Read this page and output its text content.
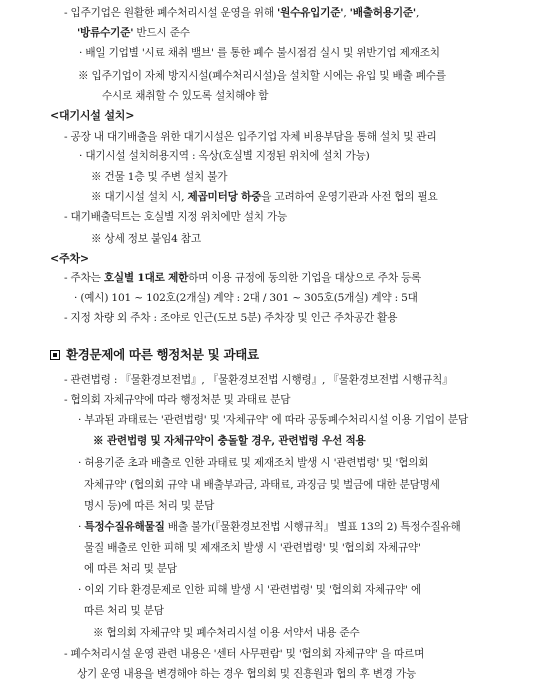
- 입주기업은 원활한 폐수처리시설 운영을 위해 '원수유입기준', '배출허용기준',
'방류수기준' 반드시 준수
· 배일 기업별 '시료 채취 밸브' 를 통한 폐수 불시점검 실시 및 위반기업 제재조치
※ 입주기업이 자체 방지시설(폐수처리시설)을 설치할 시에는 유입 및 배출 폐수를
수시로 채취할 수 있도록 설치해야 함
<대기시설 설치>
- 공장 내 대기배출을 위한 대기시설은 입주기업 자체 비용부담을 통해 설치 및 관리
· 대기시설 설치허용지역 : 옥상(호실별 지정된 위치에 설치 가능)
※ 건물 1층 및 주변 설치 불가
※ 대기시설 설치 시, 제곱미터당 하중을 고려하여 운영기관과 사전 협의 필요
- 대기배출덕트는 호실별 지정 위치에만 설치 가능
※ 상세 정보 붙임4 참고
<주차>
- 주차는 호실별 1대로 제한하며 이용 규정에 동의한 기업을 대상으로 주차 등록
· (예시) 101 ~ 102호(2개실) 계약 : 2대 / 301 ~ 305호(5개실) 계약 : 5대
- 지정 차량 외 주차 : 조야로 인근(도보 5분) 주차장 및 인근 주차공간 활용
환경문제에 따른 행정처분 및 과태료
- 관련법령 : 『물환경보전법』, 『물환경보전법 시행령』, 『물환경보전법 시행규칙』
- 협의회 자체규약에 따라 행정처분 및 과태료 분담
· 부과된 과태료는 '관련법령' 및 '자체규약' 에 따라 공동폐수처리시설 이용 기업이 분담
※ 관련법령 및 자체규약이 충돌할 경우, 관련법령 우선 적용
· 허용기준 초과 배출로 인한 과태료 및 제재조치 발생 시 '관련법령' 및 '협의회
자체규약' (협의회 규약 내 배출부과금, 과태료, 과징금 및 벌금에 대한 분담명세
명시 등)에 따른 처리 및 분담
· 특정수질유해물질 배출 불가(『물환경보전법 시행규칙』 별표 13의 2) 특정수질유해
물질 배출로 인한 피해 및 제재조치 발생 시 '관련법령' 및 '협의회 자체규약'
에 따른 처리 및 분담
· 이외 기타 환경문제로 인한 피해 발생 시 '관련법령' 및 '협의회 자체규약' 에
따른 처리 및 분담
※ 협의회 자체규약 및 폐수처리시설 이용 서약서 내용 준수
- 폐수처리시설 운영 관련 내용은 '센터 사무편람' 및 '협의회 자체규약' 을 따르며
상기 운영 내용을 변경해야 하는 경우 협의회 및 진흥원과 협의 후 변경 가능
